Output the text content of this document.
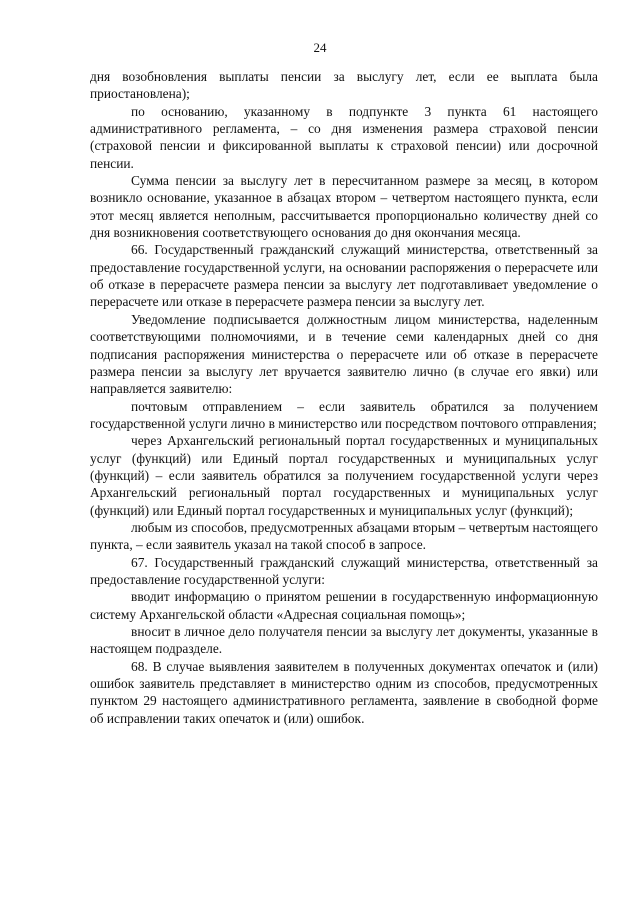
24

дня возобновления выплаты пенсии за выслугу лет, если ее выплата была приостановлена);

по основанию, указанному в подпункте 3 пункта 61 настоящего административного регламента, – со дня изменения размера страховой пенсии (страховой пенсии и фиксированной выплаты к страховой пенсии) или досрочной пенсии.

Сумма пенсии за выслугу лет в пересчитанном размере за месяц, в котором возникло основание, указанное в абзацах втором – четвертом настоящего пункта, если этот месяц является неполным, рассчитывается пропорционально количеству дней со дня возникновения соответствующего основания до дня окончания месяца.

66. Государственный гражданский служащий министерства, ответственный за предоставление государственной услуги, на основании распоряжения о перерасчете или об отказе в перерасчете размера пенсии за выслугу лет подготавливает уведомление о перерасчете или отказе в перерасчете размера пенсии за выслугу лет.

Уведомление подписывается должностным лицом министерства, наделенным соответствующими полномочиями, и в течение семи календарных дней со дня подписания распоряжения министерства о перерасчете или об отказе в перерасчете размера пенсии за выслугу лет вручается заявителю лично (в случае его явки) или направляется заявителю:

почтовым отправлением – если заявитель обратился за получением государственной услуги лично в министерство или посредством почтового отправления;

через Архангельский региональный портал государственных и муниципальных услуг (функций) или Единый портал государственных и муниципальных услуг (функций) – если заявитель обратился за получением государственной услуги через Архангельский региональный портал государственных и муниципальных услуг (функций) или Единый портал государственных и муниципальных услуг (функций);

любым из способов, предусмотренных абзацами вторым – четвертым настоящего пункта, – если заявитель указал на такой способ в запросе.

67. Государственный гражданский служащий министерства, ответственный за предоставление государственной услуги:

вводит информацию о принятом решении в государственную информационную систему Архангельской области «Адресная социальная помощь»;

вносит в личное дело получателя пенсии за выслугу лет документы, указанные в настоящем подразделе.

68. В случае выявления заявителем в полученных документах опечаток и (или) ошибок заявитель представляет в министерство одним из способов, предусмотренных пунктом 29 настоящего административного регламента, заявление в свободной форме об исправлении таких опечаток и (или) ошибок.
